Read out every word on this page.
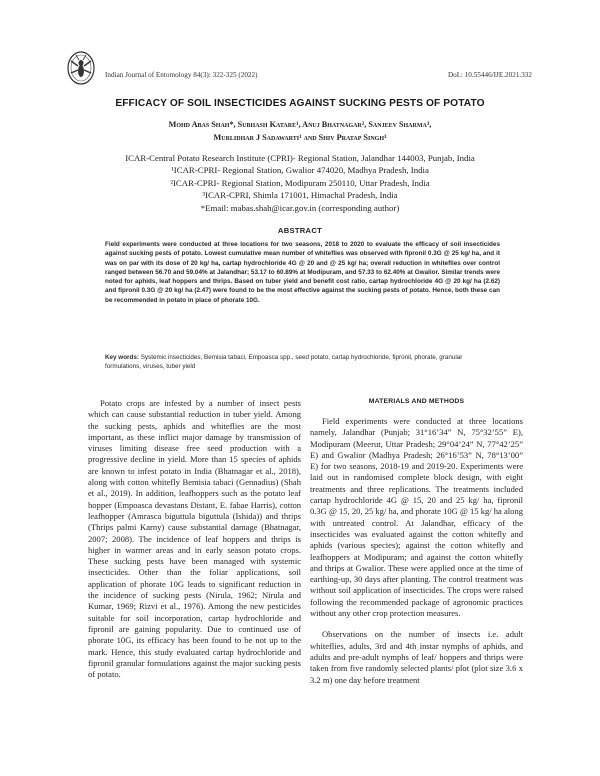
Indian Journal of Entomology 84(3): 322-325 (2022)	DoI.: 10.55446/IJE.2021.332
EFFICACY OF SOIL INSECTICIDES AGAINST SUCKING PESTS OF POTATO
Mohd Abas Shah*, Subhash Katare¹, Anuj Bhatnagar², Sanjeev Sharma³,
Murlidhar J Sadawarti¹ and Shiv Pratap Singh³
ICAR-Central Potato Research Institute (CPRI)- Regional Station, Jalandhar 144003, Punjab, India
¹ICAR-CPRI- Regional Station, Gwalior 474020, Madhya Pradesh, India
²ICAR-CPRI- Regional Station, Modipuram 250110, Uttar Pradesh, India
³ICAR-CPRI, Shimla 171001, Himachal Pradesh, India
*Email: mabas.shah@icar.gov.in (corresponding author)
ABSTRACT
Field experiments were conducted at three locations for two seasons, 2018 to 2020 to evaluate the efficacy of soil insecticides against sucking pests of potato. Lowest cumulative mean number of whiteflies was observed with fipronil 0.3G @ 25 kg/ ha, and it was on par with its dose of 20 kg/ ha, cartap hydrochloride 4G @ 20 and @ 25 kg/ ha; overall reduction in whiteflies over control ranged between 56.70 and 59.04% at Jalandhar; 53.17 to 60.89% at Modipuram, and 57.33 to 62.40% at Gwalior. Similar trends were noted for aphids, leaf hoppers and thrips. Based on tuber yield and benefit cost ratio, cartap hydrochloride 4G @ 20 kg/ ha (2.62) and fipronil 0.3G @ 20 kg/ ha (2.47) were found to be the most effective against the sucking pests of potato. Hence, both these can be recommended in potato in place of phorate 10G.
Key words: Systemic insecticides, Bemisia tabaci, Empoasca spp., seed potato, cartap hydrochloride, fipronil, phorate, granular formulations, viruses, tuber yield

Potato crops are infested by a number of insect pests which can cause substantial reduction in tuber yield. Among the sucking pests, aphids and whiteflies are the most important, as these inflict major damage by transmission of viruses limiting disease free seed production with a progressive decline in yield. More than 15 species of aphids are known to infest potato in India (Bhatnagar et al., 2018), along with cotton whitefly Bemisia tabaci (Gennadius) (Shah et al., 2019). In addition, leafhoppers such as the potato leaf hopper (Empoasca devastans Distant, E. fabae Harris), cotton leafhopper (Amrasca biguttula biguttula (Ishida)) and thrips (Thrips palmi Karny) cause substantial damage (Bhatnagar, 2007; 2008). The incidence of leaf hoppers and thrips is higher in warmer areas and in early season potato crops. These sucking pests have been managed with systemic insecticides. Other than the foliar applications, soil application of phorate 10G leads to significant reduction in the incidence of sucking pests (Nirula, 1962; Nirula and Kumar, 1969; Rizvi et al., 1976). Among the new pesticides suitable for soil incorporation, cartap hydrochloride and fipronil are gaining popularity. Due to continued use of phorate 10G, its efficacy has been found to be not up to the mark. Hence, this study evaluated cartap hydrochloride and fipronil granular formulations against the major sucking pests of potato.

MATERIALS AND METHODS

Field experiments were conducted at three locations namely, Jalandhar (Punjab; 31°16’34” N, 75°32’55” E), Modipuram (Meerut, Uttar Pradesh; 29°04’24” N, 77°42’25” E) and Gwalior (Madhya Pradesh; 26°16’53” N, 78°13’00” E) for two seasons, 2018-19 and 2019-20. Experiments were laid out in randomised complete block design, with eight treatments and three replications. The treatments included cartap hydrochloride 4G @ 15, 20 and 25 kg/ ha, fipronil 0.3G @ 15, 20, 25 kg/ ha, and phorate 10G @ 15 kg/ ha along with untreated control. At Jalandhar, efficacy of the insecticides was evaluated against the cotton whitefly and aphids (various species); against the cotton whitefly and leafhoppers at Modipuram; and against the cotton whitefly and thrips at Gwalior. These were applied once at the time of earthing-up, 30 days after planting. The control treatment was without soil application of insecticides. The crops were raised following the recommended package of agronomic practices without any other crop protection measures.

Observations on the number of insects i.e. adult whiteflies, adults, 3rd and 4th instar nymphs of aphids, and adults and pre-adult nymphs of leaf/ hoppers and thrips were taken from five randomly selected plants/ plot (plot size 3.6 x 3.2 m) one day before treatment
